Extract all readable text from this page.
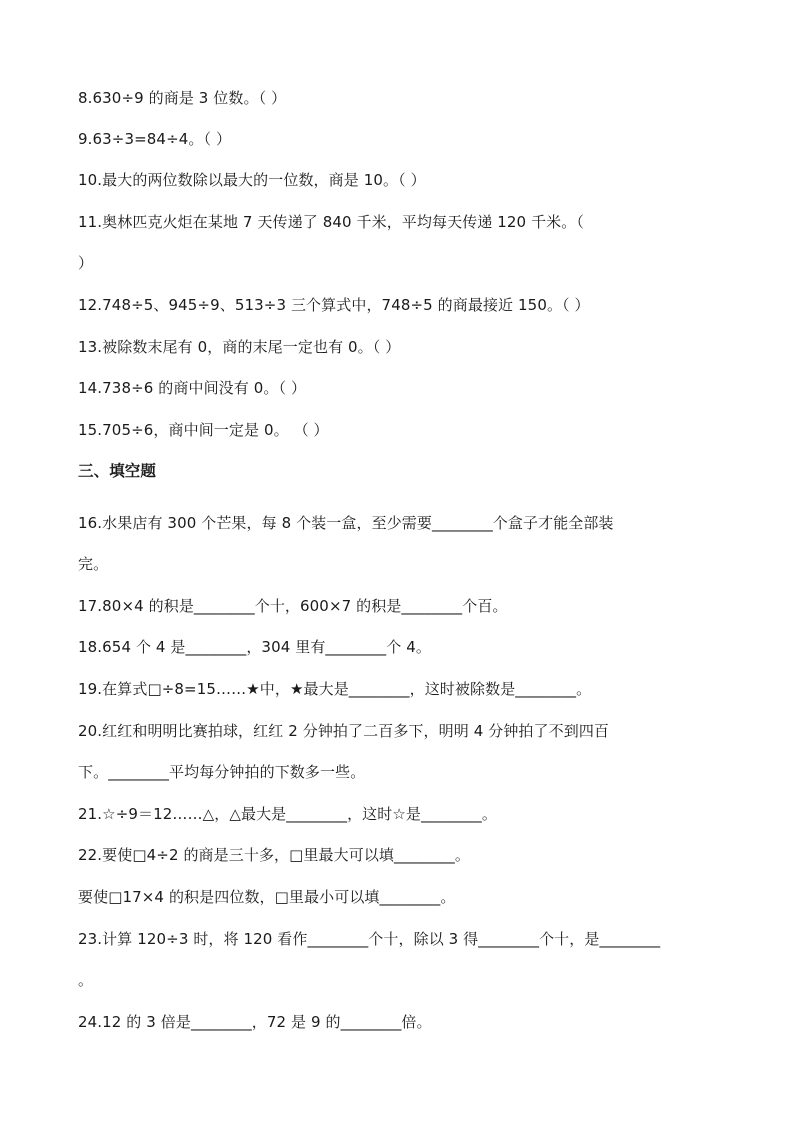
8.630÷9 的商是 3 位数。（ ）
9.63÷3=84÷4。（ ）
10.最大的两位数除以最大的一位数，商是 10。（ ）
11.奥林匹克火炬在某地 7 天传递了 840 千米，平均每天传递 120 千米。（
）
12.748÷5、945÷9、513÷3 三个算式中，748÷5 的商最接近 150。（ ）
13.被除数末尾有 0，商的末尾一定也有 0。（ ）
14.738÷6 的商中间没有 0。（ ）
15.705÷6，商中间一定是 0。 （ ）
三、填空题
16.水果店有 300 个芒果，每 8 个装一盒，至少需要________个盒子才能全部装
完。
17.80×4 的积是________个十，600×7 的积是________个百。
18.654 个 4 是________，304 里有________个 4。
19.在算式□÷8=15……★中，★最大是________，这时被除数是________。
20.红红和明明比赛拍球，红红 2 分钟拍了二百多下，明明 4 分钟拍了不到四百
下。________平均每分钟拍的下数多一些。
21.☆÷9＝12……△，△最大是________，这时☆是________。
22.要使□4÷2 的商是三十多，□里最大可以填________。
要使□17×4 的积是四位数，□里最小可以填________。
23.计算 120÷3 时，将 120 看作________个十，除以 3 得________个十，是________
。
24.12 的 3 倍是________，72 是 9 的________倍。
